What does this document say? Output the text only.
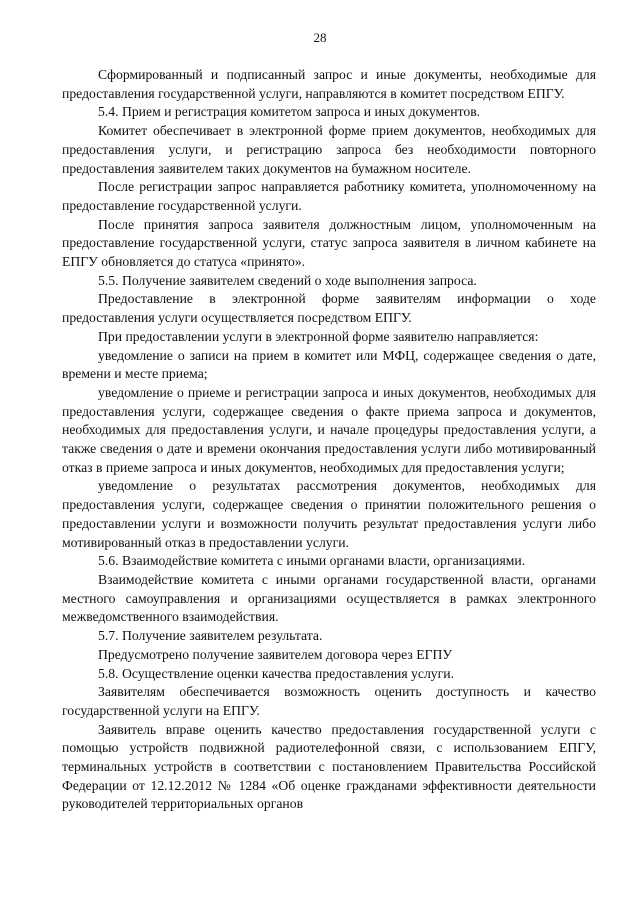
28

Сформированный и подписанный запрос и иные документы, необходимые для предоставления государственной услуги, направляются в комитет посредством ЕПГУ.

5.4. Прием и регистрация комитетом запроса и иных документов.

Комитет обеспечивает в электронной форме прием документов, необходимых для предоставления услуги, и регистрацию запроса без необходимости повторного предоставления заявителем таких документов на бумажном носителе.

После регистрации запрос направляется работнику комитета, уполномоченному на предоставление государственной услуги.

После принятия запроса заявителя должностным лицом, уполномоченным на предоставление государственной услуги, статус запроса заявителя в личном кабинете на ЕПГУ обновляется до статуса «принято».

5.5. Получение заявителем сведений о ходе выполнения запроса.

Предоставление в электронной форме заявителям информации о ходе предоставления услуги осуществляется посредством ЕПГУ.

При предоставлении услуги в электронной форме заявителю направляется:

уведомление о записи на прием в комитет или МФЦ, содержащее сведения о дате, времени и месте приема;

уведомление о приеме и регистрации запроса и иных документов, необходимых для предоставления услуги, содержащее сведения о факте приема запроса и документов, необходимых для предоставления услуги, и начале процедуры предоставления услуги, а также сведения о дате и времени окончания предоставления услуги либо мотивированный отказ в приеме запроса и иных документов, необходимых для предоставления услуги;

уведомление о результатах рассмотрения документов, необходимых для предоставления услуги, содержащее сведения о принятии положительного решения о предоставлении услуги и возможности получить результат предоставления услуги либо мотивированный отказ в предоставлении услуги.

5.6. Взаимодействие комитета с иными органами власти, организациями.

Взаимодействие комитета с иными органами государственной власти, органами местного самоуправления и организациями осуществляется в рамках электронного межведомственного взаимодействия.

5.7. Получение заявителем результата.

Предусмотрено получение заявителем договора через ЕГПУ

5.8. Осуществление оценки качества предоставления услуги.

Заявителям обеспечивается возможность оценить доступность и качество государственной услуги на ЕПГУ.

Заявитель вправе оценить качество предоставления государственной услуги с помощью устройств подвижной радиотелефонной связи, с использованием ЕПГУ, терминальных устройств в соответствии с постановлением Правительства Российской Федерации от 12.12.2012 № 1284 «Об оценке гражданами эффективности деятельности руководителей территориальных органов
